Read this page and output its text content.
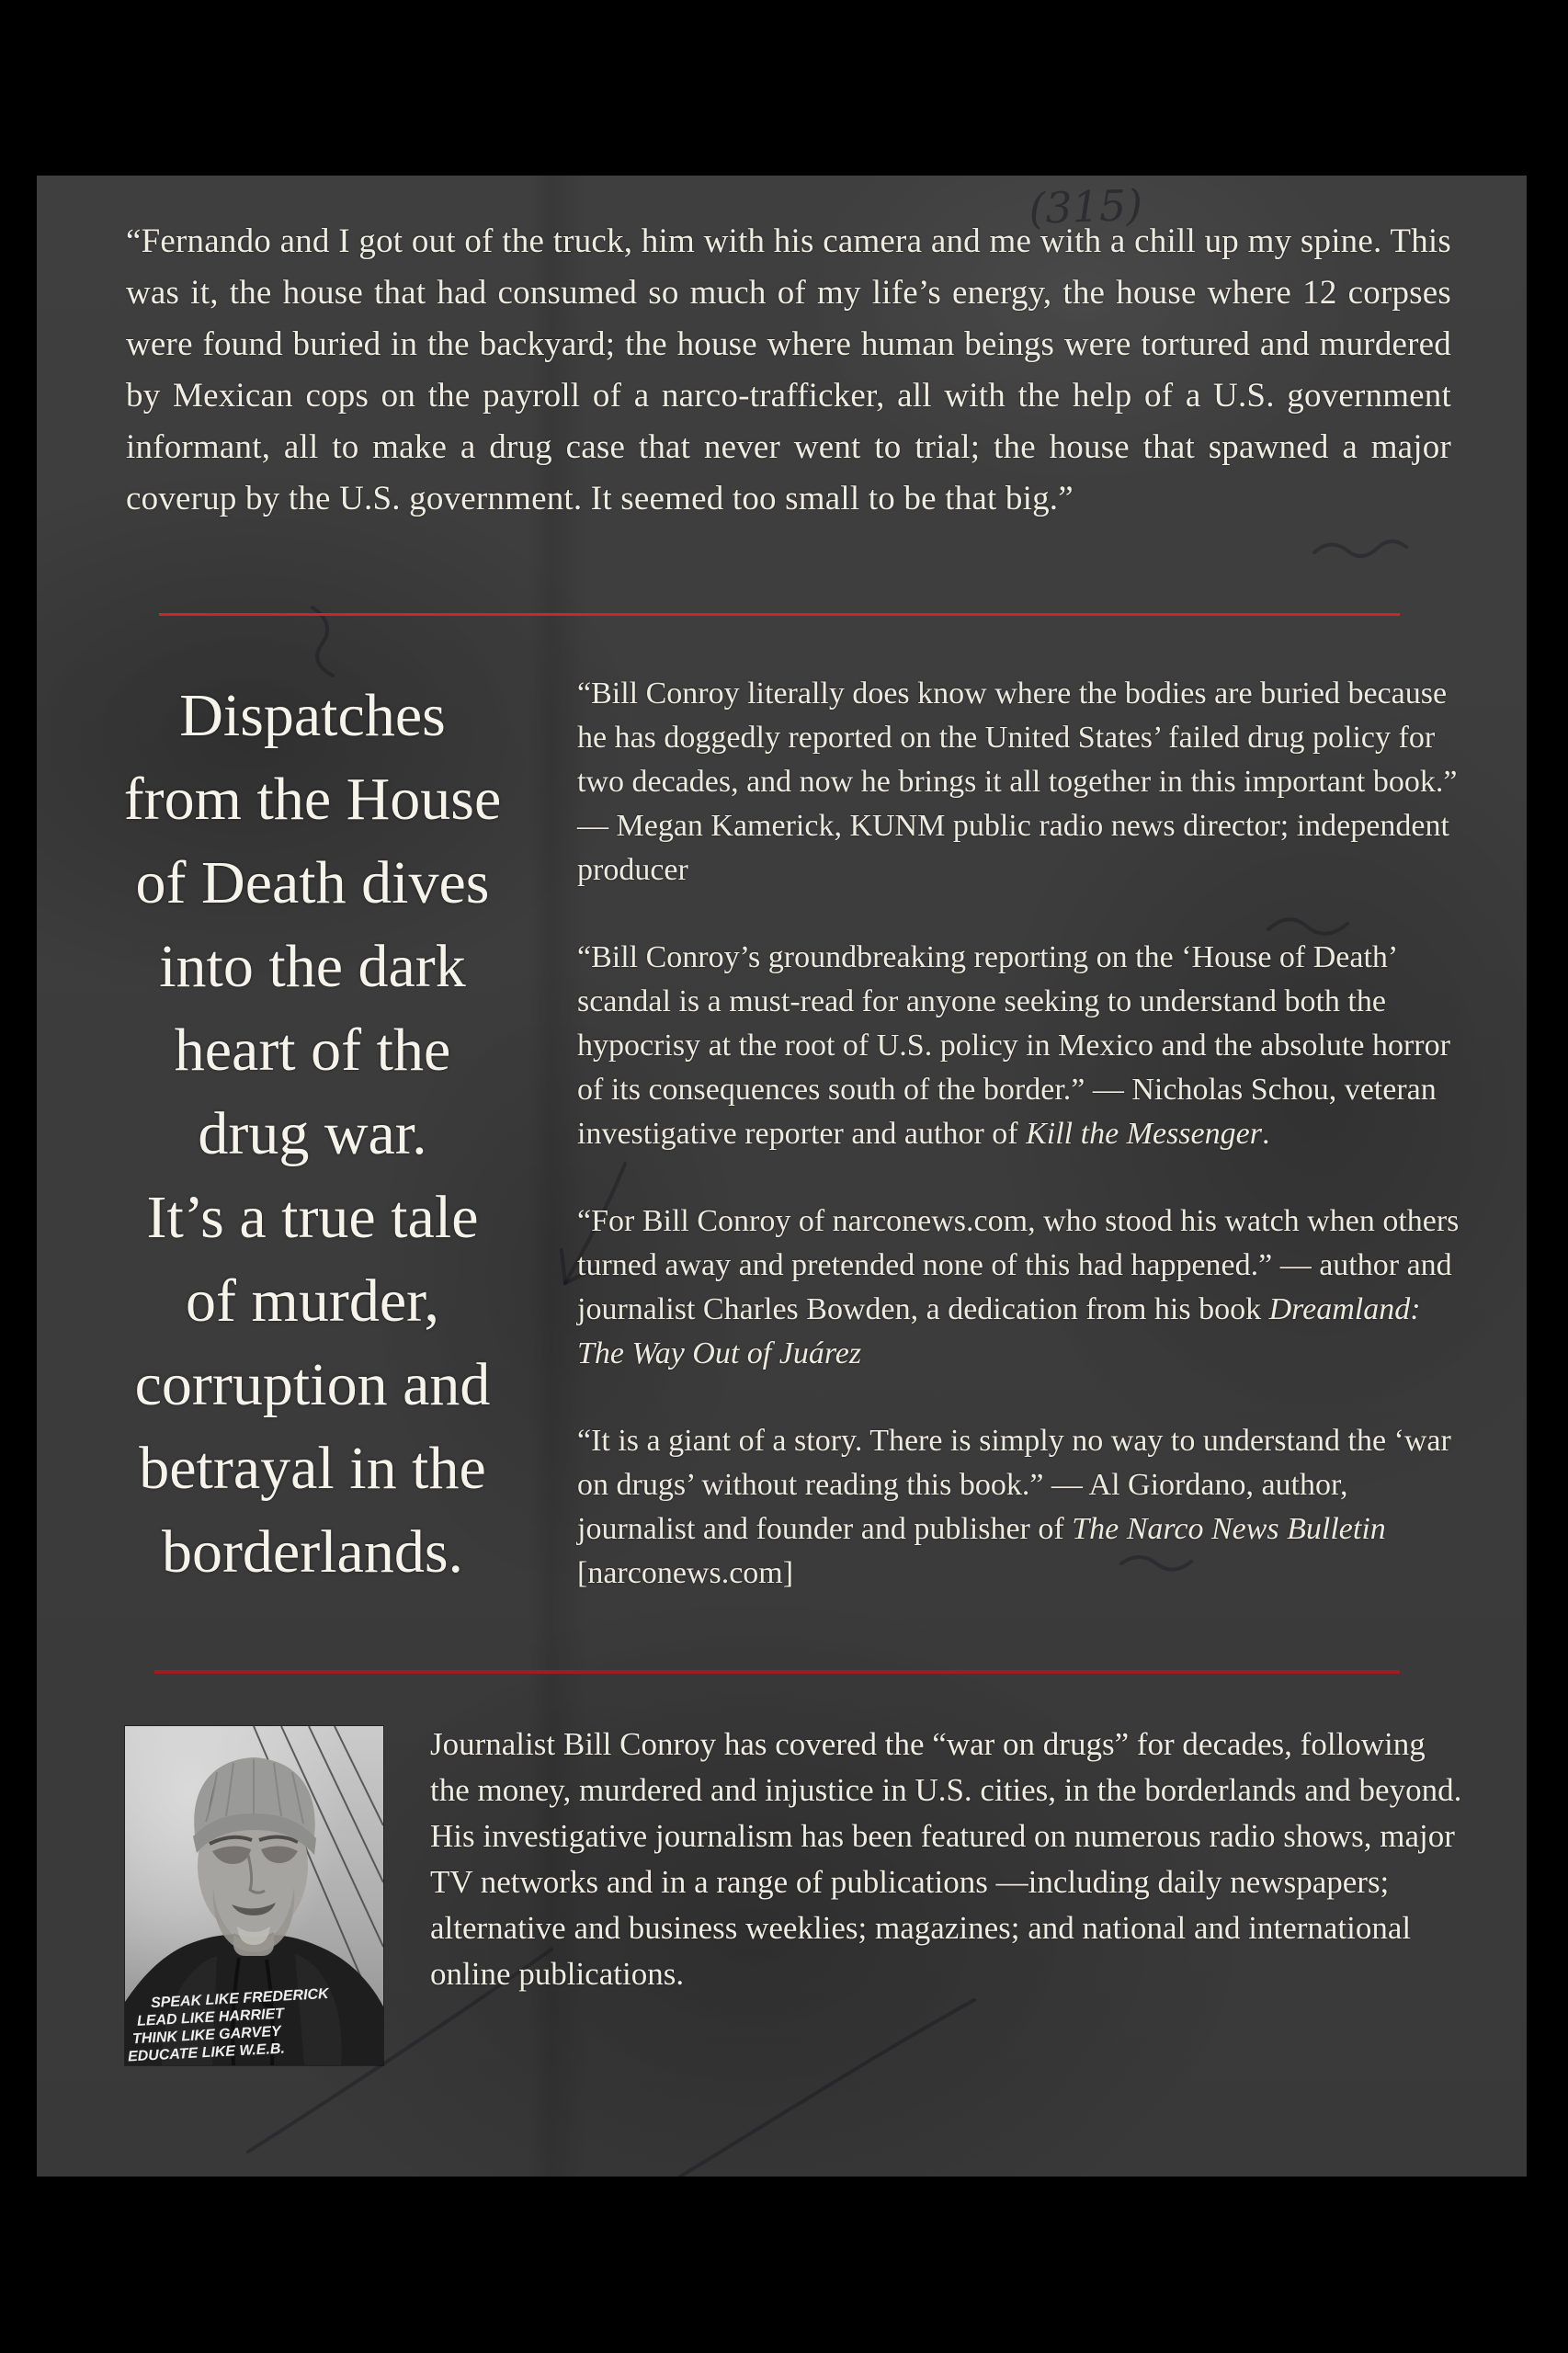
(315)

“Fernando and I got out of the truck, him with his camera and me with a chill up my spine. This was it, the house that had consumed so much of my life’s energy, the house where 12 corpses were found buried in the backyard; the house where human beings were tortured and murdered by Mexican cops on the payroll of a narco-trafficker, all with the help of a U.S. government informant, all to make a drug case that never went to trial; the house that spawned a major coverup by the U.S. government. It seemed too small to be that big.”

Dispatches
from the House
of Death dives
into the dark
heart of the
drug war.
It’s a true tale
of murder,
corruption and
betrayal in the
borderlands.
“Bill Conroy literally does know where the bodies are buried because he has doggedly reported on the United States’ failed drug policy for two decades, and now he brings it all together in this important book.” — Megan Kamerick, KUNM public radio news director; independent producer
“Bill Conroy’s groundbreaking reporting on the ‘House of Death’ scandal is a must-read for anyone seeking to understand both the hypocrisy at the root of U.S. policy in Mexico and the absolute horror of its consequences south of the border.” — Nicholas Schou, veteran investigative reporter and author of Kill the Messenger.
“For Bill Conroy of narconews.com, who stood his watch when others turned away and pretended none of this had happened.” — author and journalist Charles Bowden, a dedication from his book Dreamland: The Way Out of Juárez
“It is a giant of a story. There is simply no way to understand the ‘war on drugs’ without reading this book.” — Al Giordano, author, journalist and founder and publisher of The Narco News Bulletin [narconews.com]
SPEAK LIKE FREDERICK
LEAD LIKE HARRIET
THINK LIKE GARVEY
EDUCATE LIKE W.E.B.
Journalist Bill Conroy has covered the “war on drugs” for decades, following the money, murdered and injustice in U.S. cities, in the borderlands and beyond. His investigative journalism has been featured on numerous radio shows, major TV networks and in a range of publications —including daily newspapers; alternative and business weeklies; magazines; and national and international online publications.
